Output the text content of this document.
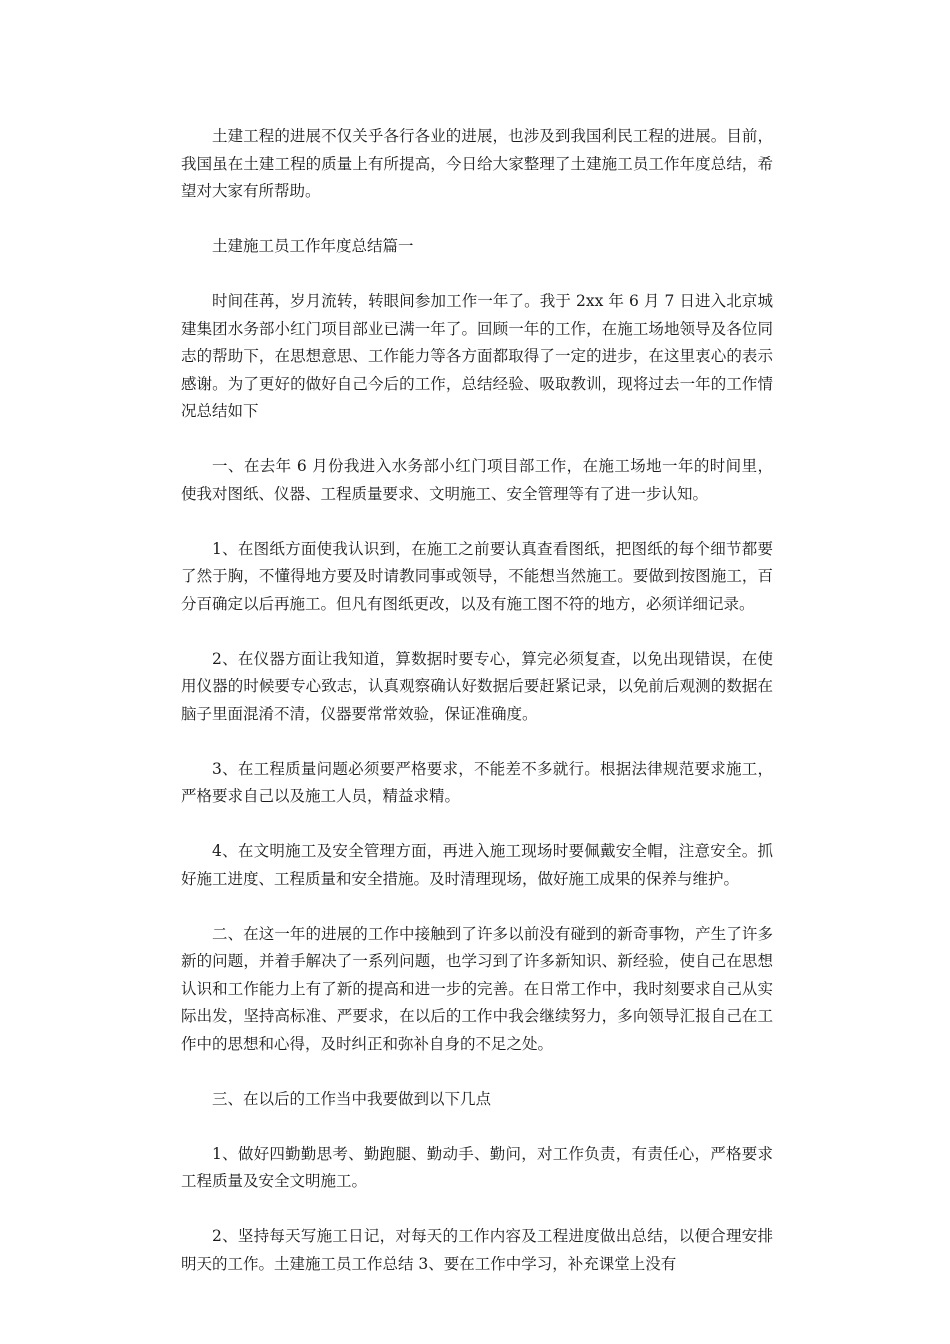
土建工程的进展不仅关乎各行各业的进展，也涉及到我国利民工程的进展。目前，我国虽在土建工程的质量上有所提高，今日给大家整理了土建施工员工作年度总结，希望对大家有所帮助。

土建施工员工作年度总结篇一

时间荏苒，岁月流转，转眼间参加工作一年了。我于 2xx 年 6 月 7 日进入北京城建集团水务部小红门项目部业已满一年了。回顾一年的工作，在施工场地领导及各位同志的帮助下，在思想意思、工作能力等各方面都取得了一定的进步，在这里衷心的表示感谢。为了更好的做好自己今后的工作，总结经验、吸取教训，现将过去一年的工作情况总结如下

一、在去年 6 月份我进入水务部小红门项目部工作，在施工场地一年的时间里，使我对图纸、仪器、工程质量要求、文明施工、安全管理等有了进一步认知。

1、在图纸方面使我认识到，在施工之前要认真查看图纸，把图纸的每个细节都要了然于胸，不懂得地方要及时请教同事或领导，不能想当然施工。要做到按图施工，百分百确定以后再施工。但凡有图纸更改，以及有施工图不符的地方，必须详细记录。

2、在仪器方面让我知道，算数据时要专心，算完必须复查，以免出现错误，在使用仪器的时候要专心致志，认真观察确认好数据后要赶紧记录，以免前后观测的数据在脑子里面混淆不清，仪器要常常效验，保证准确度。

3、在工程质量问题必须要严格要求，不能差不多就行。根据法律规范要求施工，严格要求自己以及施工人员，精益求精。

4、在文明施工及安全管理方面，再进入施工现场时要佩戴安全帽，注意安全。抓好施工进度、工程质量和安全措施。及时清理现场，做好施工成果的保养与维护。

二、在这一年的进展的工作中接触到了许多以前没有碰到的新奇事物，产生了许多新的问题，并着手解决了一系列问题，也学习到了许多新知识、新经验，使自己在思想认识和工作能力上有了新的提高和进一步的完善。在日常工作中，我时刻要求自己从实际出发，坚持高标准、严要求，在以后的工作中我会继续努力，多向领导汇报自己在工作中的思想和心得，及时纠正和弥补自身的不足之处。

三、在以后的工作当中我要做到以下几点

1、做好四勤勤思考、勤跑腿、勤动手、勤问，对工作负责，有责任心，严格要求工程质量及安全文明施工。

2、坚持每天写施工日记，对每天的工作内容及工程进度做出总结，以便合理安排明天的工作。土建施工员工作总结 3、要在工作中学习，补充课堂上没有
